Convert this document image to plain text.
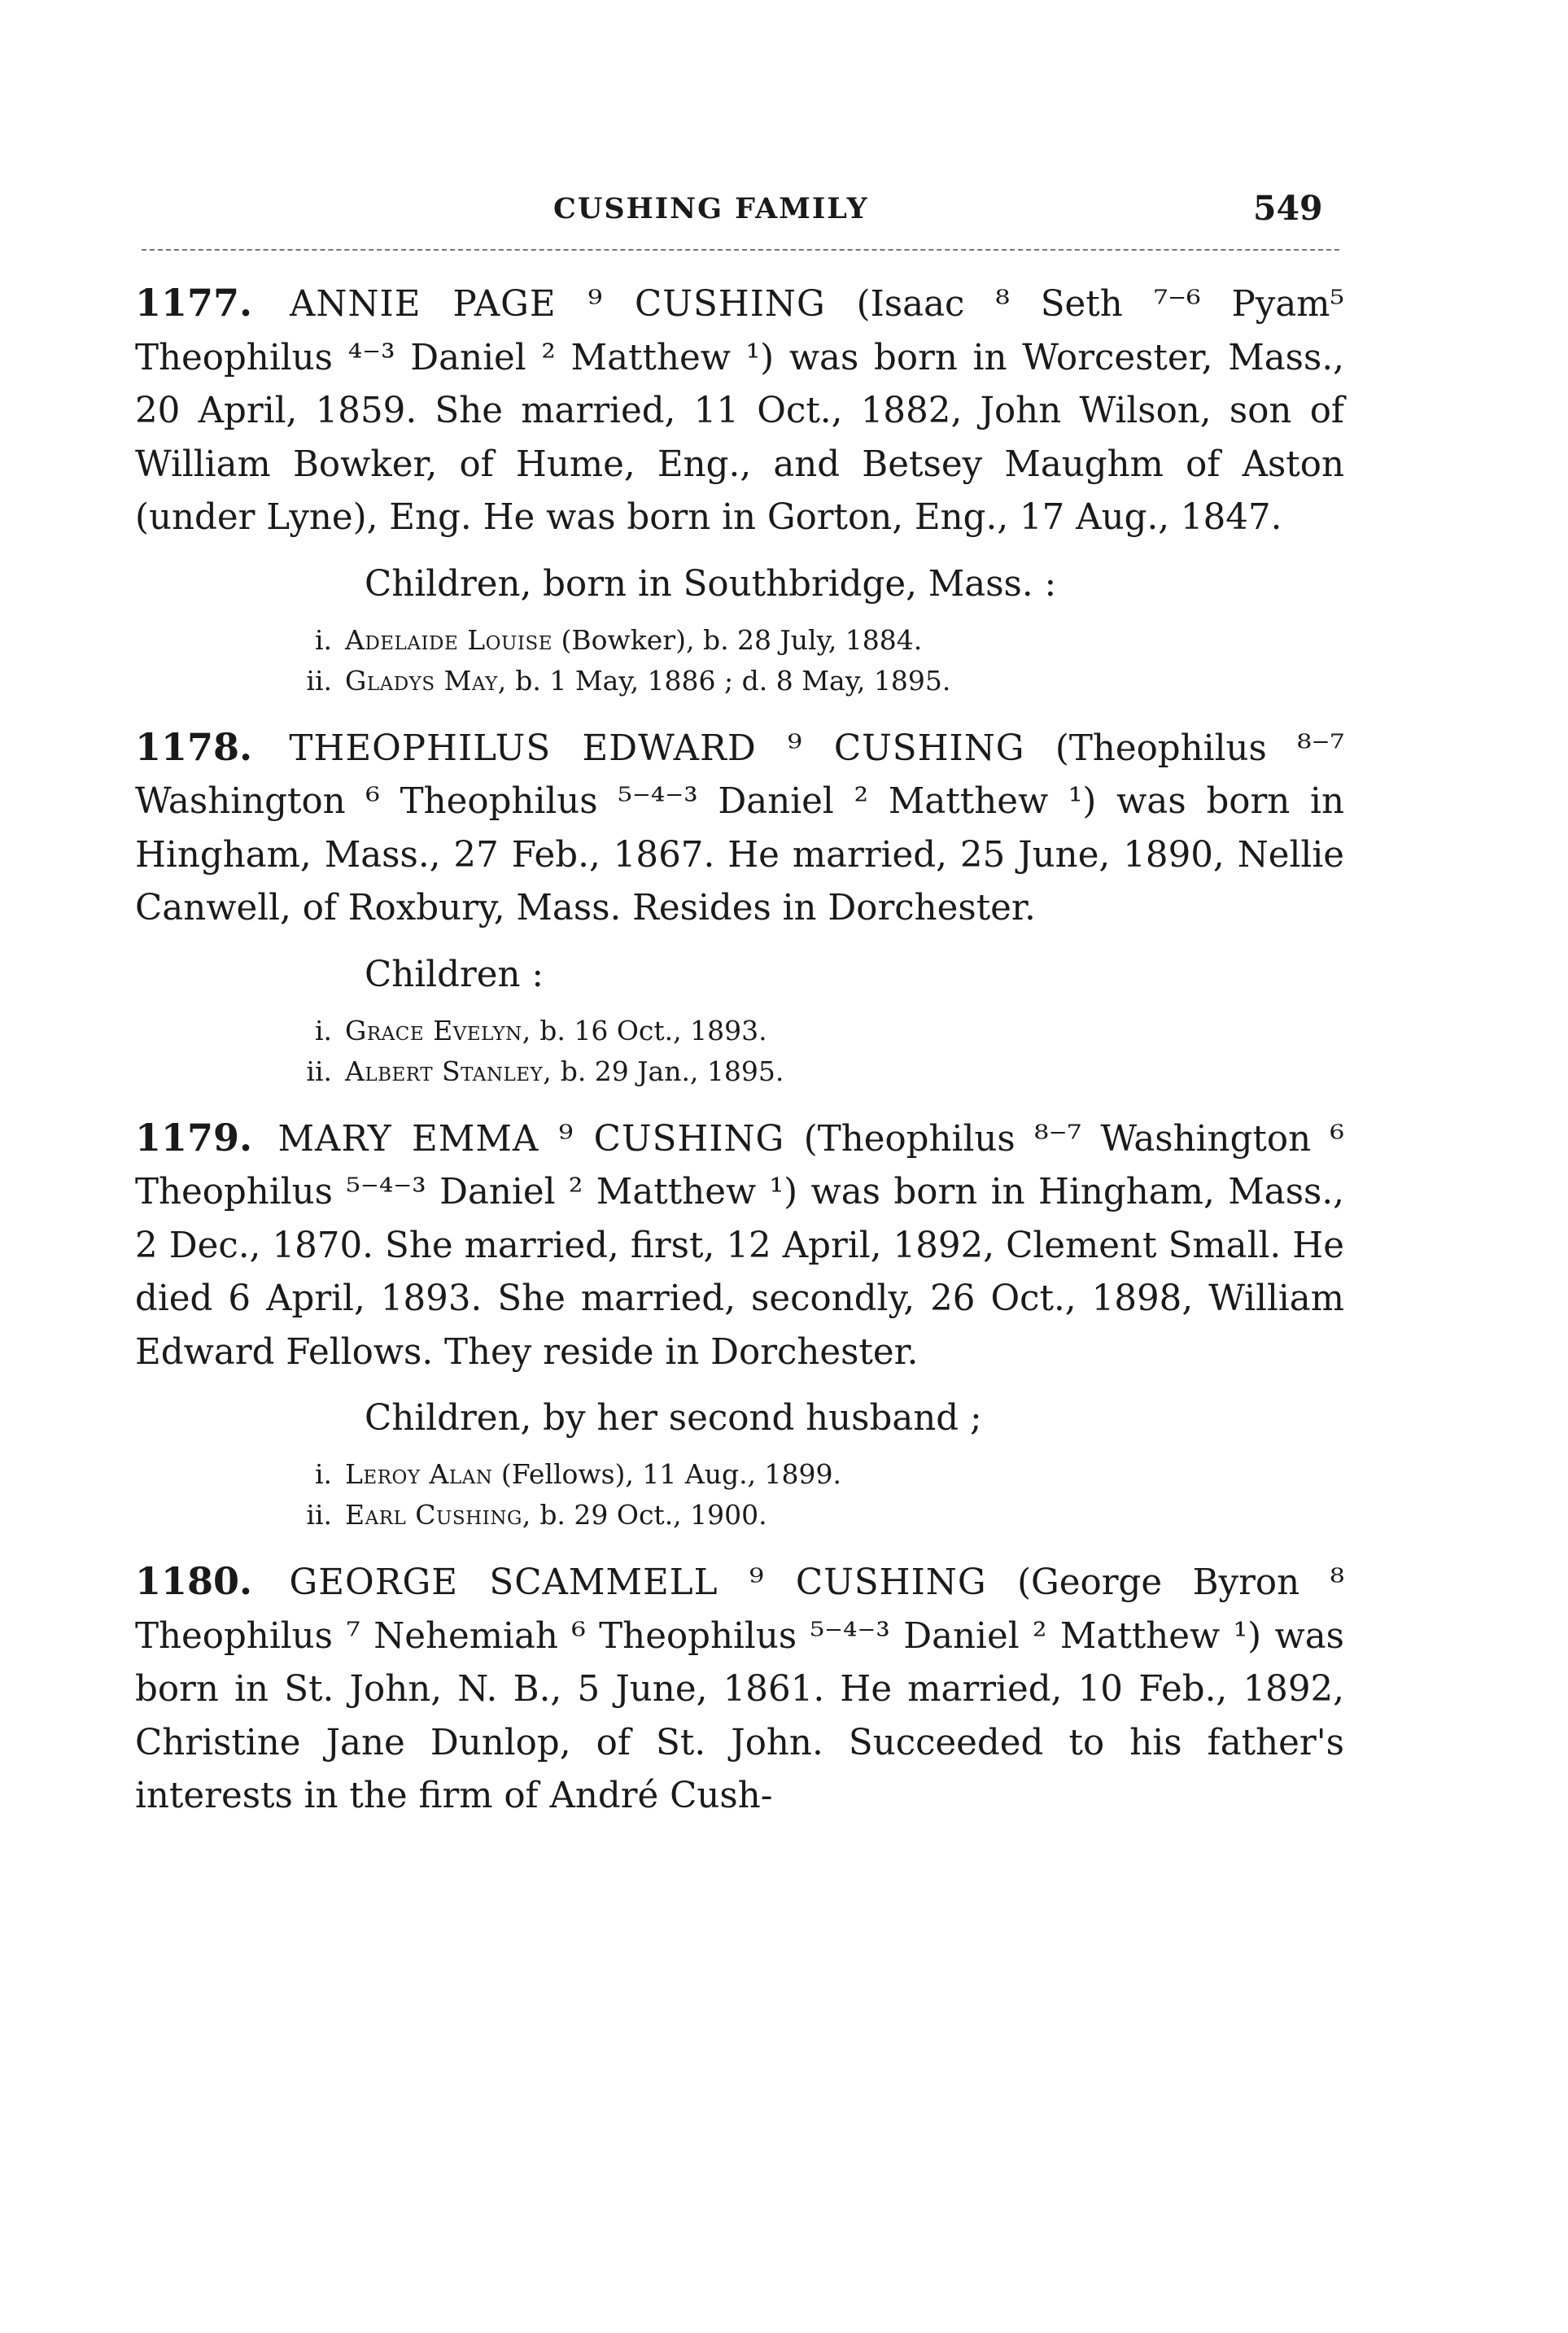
CUSHING FAMILY	549

1177. ANNIE PAGE ⁹ CUSHING (Isaac ⁸ Seth ⁷⁻⁶ Pyam⁵ Theophilus ⁴⁻³ Daniel ² Matthew ¹) was born in Worcester, Mass., 20 April, 1859. She married, 11 Oct., 1882, John Wilson, son of William Bowker, of Hume, Eng., and Betsey Maughm of Aston (under Lyne), Eng. He was born in Gorton, Eng., 17 Aug., 1847.

Children, born in Southbridge, Mass. :
i. Adelaide Louise (Bowker), b. 28 July, 1884.
ii. Gladys May, b. 1 May, 1886 ; d. 8 May, 1895.

1178. THEOPHILUS EDWARD ⁹ CUSHING (Theophilus ⁸⁻⁷ Washington ⁶ Theophilus ⁵⁻⁴⁻³ Daniel ² Matthew ¹) was born in Hingham, Mass., 27 Feb., 1867. He married, 25 June, 1890, Nellie Canwell, of Roxbury, Mass. Resides in Dorchester.

Children :
i. Grace Evelyn, b. 16 Oct., 1893.
ii. Albert Stanley, b. 29 Jan., 1895.

1179. MARY EMMA ⁹ CUSHING (Theophilus ⁸⁻⁷ Washington ⁶ Theophilus ⁵⁻⁴⁻³ Daniel ² Matthew ¹) was born in Hingham, Mass., 2 Dec., 1870. She married, first, 12 April, 1892, Clement Small. He died 6 April, 1893. She married, secondly, 26 Oct., 1898, William Edward Fellows. They reside in Dorchester.

Children, by her second husband ;
i. Leroy Alan (Fellows), 11 Aug., 1899.
ii. Earl Cushing, b. 29 Oct., 1900.

1180. GEORGE SCAMMELL ⁹ CUSHING (George Byron ⁸ Theophilus ⁷ Nehemiah ⁶ Theophilus ⁵⁻⁴⁻³ Daniel ² Matthew ¹) was born in St. John, N. B., 5 June, 1861. He married, 10 Feb., 1892, Christine Jane Dunlop, of St. John. Succeeded to his father's interests in the firm of André Cush-
